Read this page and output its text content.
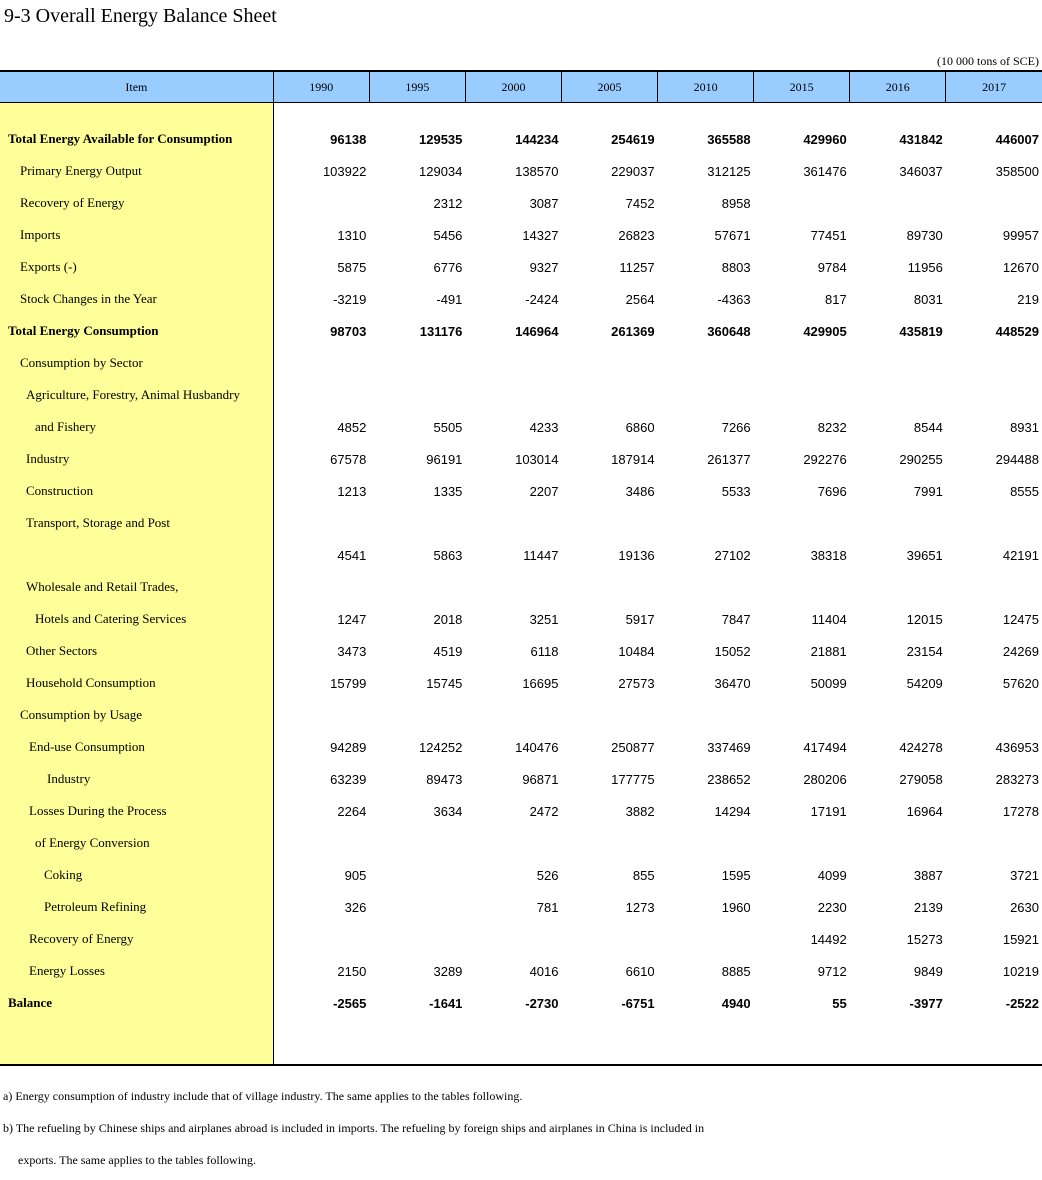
9-3 Overall Energy Balance Sheet
(10 000 tons of SCE)
Item	1990	1995	2000	2005	2010	2015	2016	2017

Total Energy Available for Consumption	96138	129535	144234	254619	365588	429960	431842	446007
Primary Energy Output	103922	129034	138570	229037	312125	361476	346037	358500
Recovery of Energy		2312	3087	7452	8958			
Imports	1310	5456	14327	26823	57671	77451	89730	99957
Exports (-)	5875	6776	9327	11257	8803	9784	11956	12670
Stock Changes in the Year	-3219	-491	-2424	2564	-4363	817	8031	219
Total Energy Consumption	98703	131176	146964	261369	360648	429905	435819	448529
Consumption by Sector								
Agriculture, Forestry, Animal Husbandry								
and Fishery	4852	5505	4233	6860	7266	8232	8544	8931
Industry	67578	96191	103014	187914	261377	292276	290255	294488
Construction	1213	1335	2207	3486	5533	7696	7991	8555
Transport, Storage and Post								
	4541	5863	11447	19136	27102	38318	39651	42191
Wholesale and Retail Trades,								
Hotels and Catering Services	1247	2018	3251	5917	7847	11404	12015	12475
Other Sectors	3473	4519	6118	10484	15052	21881	23154	24269
Household Consumption	15799	15745	16695	27573	36470	50099	54209	57620
Consumption by Usage								
End-use Consumption	94289	124252	140476	250877	337469	417494	424278	436953
Industry	63239	89473	96871	177775	238652	280206	279058	283273
Losses During the Process	2264	3634	2472	3882	14294	17191	16964	17278
of Energy Conversion								
Coking	905		526	855	1595	4099	3887	3721
Petroleum Refining	326		781	1273	1960	2230	2139	2630
Recovery of Energy						14492	15273	15921
Energy Losses	2150	3289	4016	6610	8885	9712	9849	10219
Balance	-2565	-1641	-2730	-6751	4940	55	-3977	-2522

a) Energy consumption of industry include that of village industry. The same applies to the tables following.

b) The refueling by Chinese ships and airplanes abroad is included in imports. The refueling by foreign ships and airplanes in China is included in

exports. The same applies to the tables following.
